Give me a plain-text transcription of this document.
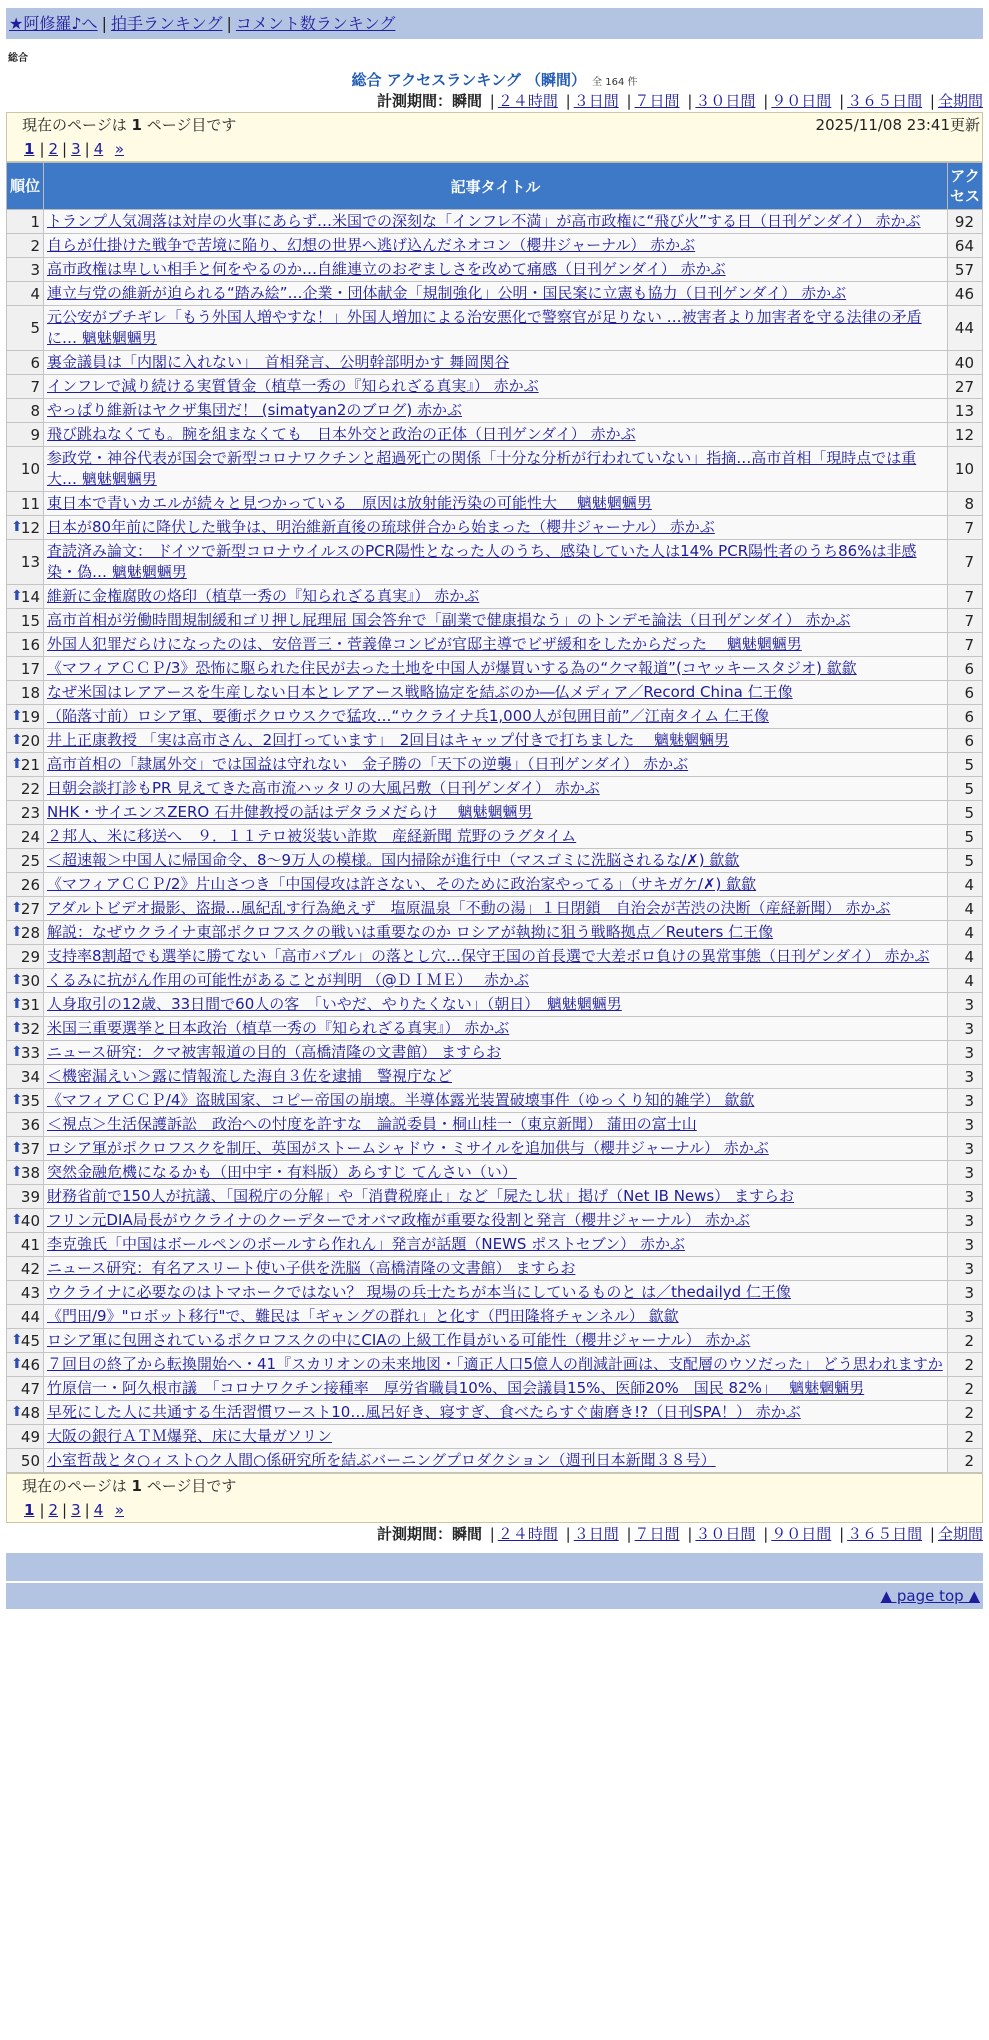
★阿修羅♪へ | 拍手ランキング | コメント数ランキング
総合
総合 アクセスランキング （瞬間） 全 164 件
計測期間：瞬間 | ２４時間 | ３日間 | ７日間 | ３０日間 | ９０日間 | ３６５日間 | 全期間
現在のページは 1 ページ目です	2025/11/08 23:41更新
1 | 2 | 3 | 4 »
順位	記事タイトル	アクセス

1	トランプ人気凋落は対岸の火事にあらず…米国での深刻な「インフレ不満」が高市政権に“飛び火”する日（日刊ゲンダイ） 赤かぶ	92
2	自らが仕掛けた戦争で苦境に陥り、幻想の世界へ逃げ込んだネオコン（櫻井ジャーナル） 赤かぶ	64
3	高市政権は卑しい相手と何をやるのか…自維連立のおぞましさを改めて痛感（日刊ゲンダイ） 赤かぶ	57
4	連立与党の維新が迫られる“踏み絵”…企業・団体献金「規制強化」公明・国民案に立憲も協力（日刊ゲンダイ） 赤かぶ	46
5	元公安がブチギレ「もう外国人増やすな！」外国人増加による治安悪化で警察官が足りない …被害者より加害者を守る法律の矛盾に… 魑魅魍魎男	44
6	裏金議員は「内閣に入れない」　首相発言、公明幹部明かす 舞岡関谷	40
7	インフレで減り続ける実質賃金（植草一秀の『知られざる真実』） 赤かぶ	27
8	やっぱり維新はヤクザ集団だ！ (simatyan2のブログ) 赤かぶ	13
9	飛び跳ねなくても。腕を組まなくても　日本外交と政治の正体（日刊ゲンダイ） 赤かぶ	12
10	参政党・神谷代表が国会で新型コロナワクチンと超過死亡の関係「十分な分析が行われていない」指摘…高市首相「現時点では重大… 魑魅魍魎男	10
11	東日本で青いカエルが続々と見つかっている　原因は放射能汚染の可能性大　 魑魅魍魎男	8

⬆
12	日本が80年前に降伏した戦争は、明治維新直後の琉球併合から始まった（櫻井ジャーナル） 赤かぶ	7
13	査読済み論文： ドイツで新型コロナウイルスのPCR陽性となった人のうち、感染していた人は14% PCR陽性者のうち86%は非感染・偽… 魑魅魍魎男	7

⬆
14	維新に金権腐敗の烙印（植草一秀の『知られざる真実』） 赤かぶ	7
15	高市首相が労働時間規制緩和ゴリ押し屁理屈 国会答弁で「副業で健康損なう」のトンデモ論法（日刊ゲンダイ） 赤かぶ	7
16	外国人犯罪だらけになったのは、安倍晋三・菅義偉コンビが官邸主導でビザ緩和をしたからだった　 魑魅魍魎男	7
17	《マフィアＣＣＰ/3》恐怖に駆られた住民が去った土地を中国人が爆買いする為の“クマ報道”(コヤッキースタジオ) 歙歙	6
18	なぜ米国はレアアースを生産しない日本とレアアース戦略協定を結ぶのか―仏メディア／Record China 仁王像	6

⬆
19	（陥落寸前）ロシア軍、要衝ポクロウスクで猛攻…“ウクライナ兵1,000人が包囲目前”／江南タイム 仁王像	6

⬆
20	井上正康教授 「実は高市さん、2回打っています」　2回目はキャップ付きで打ちました　 魑魅魍魎男	6

⬆
21	高市首相の「隷属外交」では国益は守れない　金子勝の「天下の逆襲」（日刊ゲンダイ） 赤かぶ	5
22	日朝会談打診もPR 見えてきた高市流ハッタリの大風呂敷（日刊ゲンダイ） 赤かぶ	5
23	NHK・サイエンスZERO 石井健教授の話はデタラメだらけ　 魑魅魍魎男	5
24	２邦人、米に移送へ　９．１１テロ被災装い詐欺　産経新聞 荒野のラグタイム	5
25	＜超速報＞中国人に帰国命令、8～9万人の模様。国内掃除が進行中（マスゴミに洗脳されるな/✗) 歙歙	5
26	《マフィアＣＣＰ/2》片山さつき「中国侵攻は許さない、そのために政治家やってる」（サキガケ/✗) 歙歙	4

⬆
27	アダルトビデオ撮影、盗撮…風紀乱す行為絶えず　塩原温泉「不動の湯」１日閉鎖　自治会が苦渋の決断（産経新聞） 赤かぶ	4

⬆
28	解説：なぜウクライナ東部ポクロフスクの戦いは重要なのか ロシアが執拗に狙う戦略拠点／Reuters 仁王像	4
29	支持率8割超でも選挙に勝てない「高市バブル」の落とし穴…保守王国の首長選で大差ボロ負けの異常事態（日刊ゲンダイ） 赤かぶ	4

⬆
30	くるみに抗がん作用の可能性があることが判明 （@ＤＩＭＥ）　 赤かぶ	4

⬆
31	人身取引の12歳、33日間で60人の客　「いやだ、やりたくない」（朝日）　魑魅魍魎男	3

⬆
32	米国三重要選挙と日本政治（植草一秀の『知られざる真実』） 赤かぶ	3

⬆
33	ニュース研究：クマ被害報道の目的（高橋清隆の文書館） ますらお	3
34	＜機密漏えい＞露に情報流した海自３佐を逮捕　警視庁など	3

⬆
35	《マフィアＣＣＰ/4》盗賊国家、コピー帝国の崩壊。半導体露光装置破壊事件（ゆっくり知的雑学） 歙歙	3
36	＜視点＞生活保護訴訟　政治への忖度を許すな　論説委員・桐山桂一（東京新聞） 蒲田の富士山	3

⬆
37	ロシア軍がポクロフスクを制圧、英国がストームシャドウ・ミサイルを追加供与（櫻井ジャーナル） 赤かぶ	3

⬆
38	突然金融危機になるかも（田中宇・有料版）あらすじ てんさい（い）	3
39	財務省前で150人が抗議、「国税庁の分解」や「消費税廃止」など「屍たし状」掲げ（Net IB News） ますらお	3

⬆
40	フリン元DIA局長がウクライナのクーデターでオバマ政権が重要な役割と発言（櫻井ジャーナル） 赤かぶ	3
41	李克強氏「中国はボールペンのボールすら作れん」発言が話題（NEWS ポストセブン） 赤かぶ	3
42	ニュース研究：有名アスリート使い子供を洗脳（高橋清隆の文書館） ますらお	3
43	ウクライナに必要なのはトマホークではない？ 現場の兵士たちが本当にしているものと は／thedailyd 仁王像	3
44	《門田/9》"ロボット移行"で、難民は「ギャングの群れ」と化す（門田隆将チャンネル） 歙歙	3

⬆
45	ロシア軍に包囲されているポクロフスクの中にCIAの上級工作員がいる可能性（櫻井ジャーナル） 赤かぶ	2

⬆
46	７回目の終了から転換開始へ・41『スカリオンの未来地図・「適正人口5億人の削減計画は、支配層のウソだった」 どう思われますか	2
47	竹原信一・阿久根市議　「コロナワクチン接種率　厚労省職員10%、国会議員15%、医師20%　国民 82%」　 魑魅魍魎男	2

⬆
48	早死にした人に共通する生活習慣ワースト10…風呂好き、寝すぎ、食べたらすぐ歯磨き!?（日刊SPA！） 赤かぶ	2
49	大阪の銀行ＡＴＭ爆発、床に大量ガソリン	2
50	小室哲哉とタ○ィスト○ク人間○係研究所を結ぶバーニングプロダクション（週刊日本新聞３８号）	2
現在のページは 1 ページ目です
1 | 2 | 3 | 4 »
計測期間：瞬間 | ２４時間 | ３日間 | ７日間 | ３０日間 | ９０日間 | ３６５日間 | 全期間
▲ page top ▲
